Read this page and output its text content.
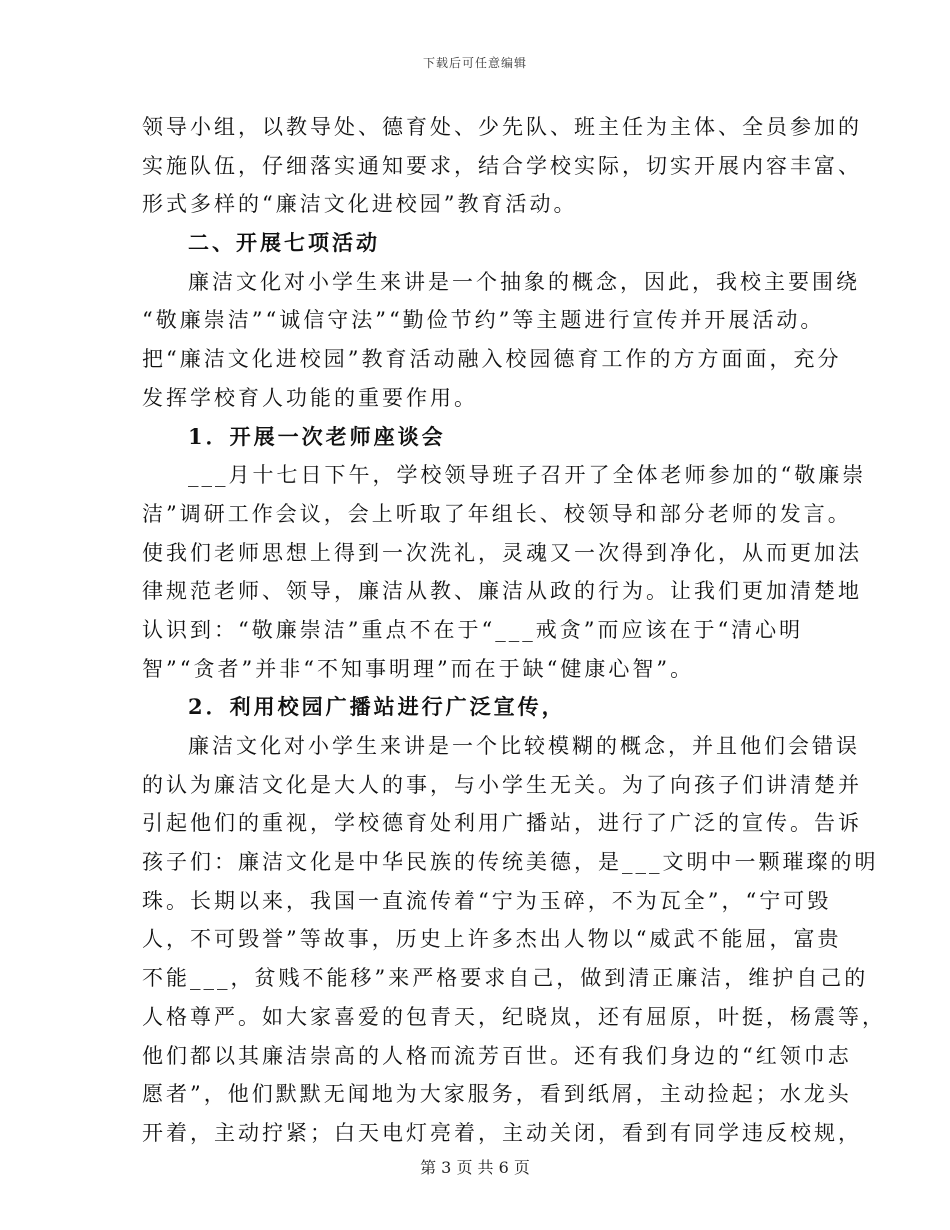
下载后可任意编辑
领导小组，以教导处、德育处、少先队、班主任为主体、全员参加的
实施队伍，仔细落实通知要求，结合学校实际，切实开展内容丰富、
形式多样的“廉洁文化进校园”教育活动。
二、开展七项活动
廉洁文化对小学生来讲是一个抽象的概念，因此，我校主要围绕
“敬廉崇洁”“诚信守法”“勤俭节约”等主题进行宣传并开展活动。
把“廉洁文化进校园”教育活动融入校园德育工作的方方面面，充分
发挥学校育人功能的重要作用。
1．开展一次老师座谈会
___月十七日下午，学校领导班子召开了全体老师参加的“敬廉崇
洁”调研工作会议，会上听取了年组长、校领导和部分老师的发言。
使我们老师思想上得到一次洗礼，灵魂又一次得到净化，从而更加法
律规范老师、领导，廉洁从教、廉洁从政的行为。让我们更加清楚地
认识到：“敬廉崇洁”重点不在于“___戒贪”而应该在于“清心明
智”“贪者”并非“不知事明理”而在于缺“健康心智”。
2．利用校园广播站进行广泛宣传，
廉洁文化对小学生来讲是一个比较模糊的概念，并且他们会错误
的认为廉洁文化是大人的事，与小学生无关。为了向孩子们讲清楚并
引起他们的重视，学校德育处利用广播站，进行了广泛的宣传。告诉
孩子们：廉洁文化是中华民族的传统美德，是___文明中一颗璀璨的明
珠。长期以来，我国一直流传着“宁为玉碎，不为瓦全”，“宁可毁
人，不可毁誉”等故事，历史上许多杰出人物以“威武不能屈，富贵
不能___，贫贱不能移”来严格要求自己，做到清正廉洁，维护自己的
人格尊严。如大家喜爱的包青天，纪晓岚，还有屈原，叶挺，杨震等，
他们都以其廉洁崇高的人格而流芳百世。还有我们身边的“红领巾志
愿者”，他们默默无闻地为大家服务，看到纸屑，主动捡起；水龙头
开着，主动拧紧；白天电灯亮着，主动关闭，看到有同学违反校规，
第 3 页 共 6 页
